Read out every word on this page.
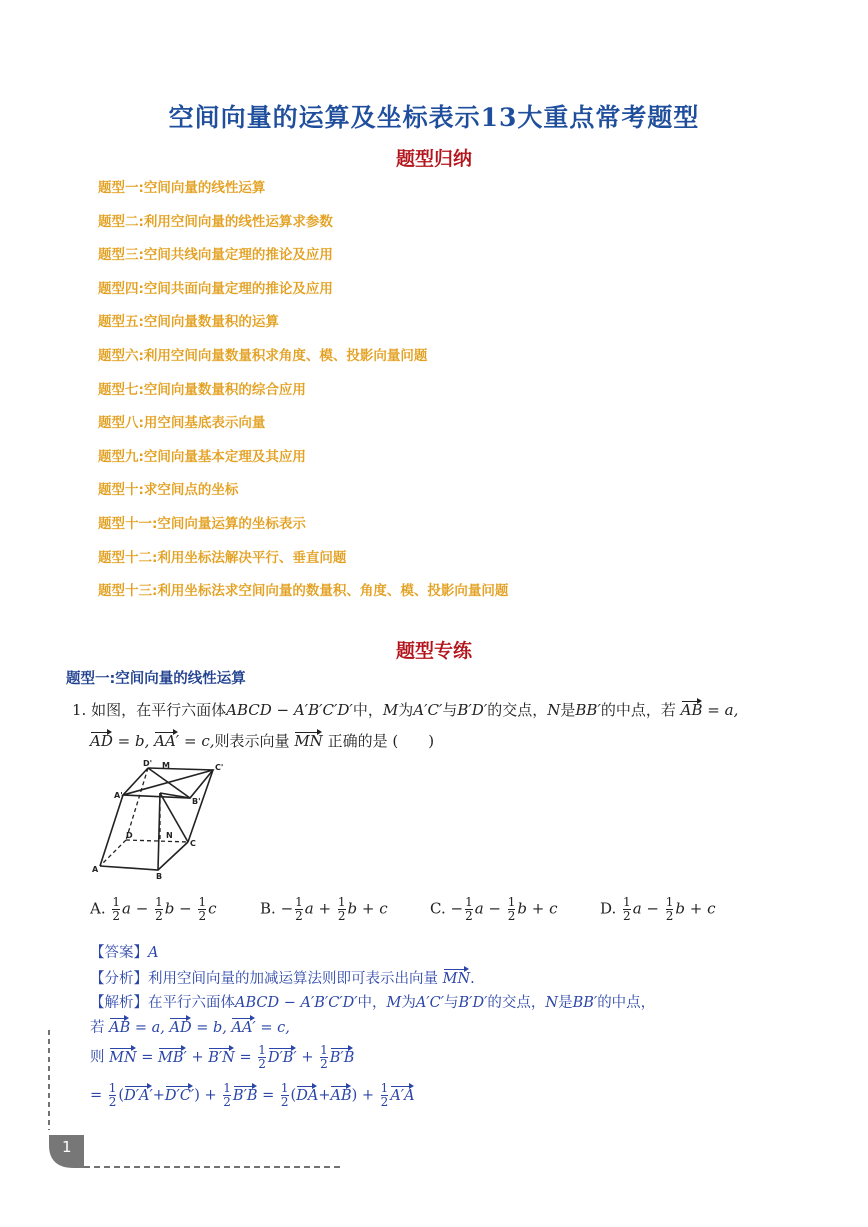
空间向量的运算及坐标表示13大重点常考题型
题型归纳
题型一:空间向量的线性运算
题型二:利用空间向量的线性运算求参数
题型三:空间共线向量定理的推论及应用
题型四:空间共面向量定理的推论及应用
题型五:空间向量数量积的运算
题型六:利用空间向量数量积求角度、模、投影向量问题
题型七:空间向量数量积的综合应用
题型八:用空间基底表示向量
题型九:空间向量基本定理及其应用
题型十:求空间点的坐标
题型十一:空间向量运算的坐标表示
题型十二:利用坐标法解决平行、垂直问题
题型十三:利用坐标法求空间向量的数量积、角度、模、投影向量问题
题型专练
题型一:空间向量的线性运算
1. 如图，在平行六面体ABCD − A′B′C′D′中，M为A′C′与B′D′的交点，N是BB′的中点，若 AB = a,
AD = b, AA′ = c,则表示向量 MN 正确的是 (　　)
D' M	C'
A'
B'
D	N
C
A
B
A. $\frac{1}{2}$ $a - \frac{1}{2}$ $b - \frac{1}{2}$ c	B. − $\frac{1}{2}$ $a + \frac{1}{2}$ b + c	C. − $\frac{1}{2}$ $a - \frac{1}{2}$ b + c	D. $\frac{1}{2}$ $a - \frac{1}{2}$ b + c
【答案】A
【分析】利用空间向量的加减运算法则即可表示出向量 MN.
【解析】在平行六面体ABCD − A′B′C′D′中，M为A′C′与B′D′的交点，N是BB′的中点，
若 AB = a, AD = b, AA′ = c,
则 MN = $MB' + B'N = \frac{1}{2} D'B' + \frac{1}{2} B'B$
= $\frac{1}{2} (D'A'+D'C') + \frac{1}{2} B'B = \frac{1}{2} (DA+AB) + \frac{1}{2} A'A$
1
